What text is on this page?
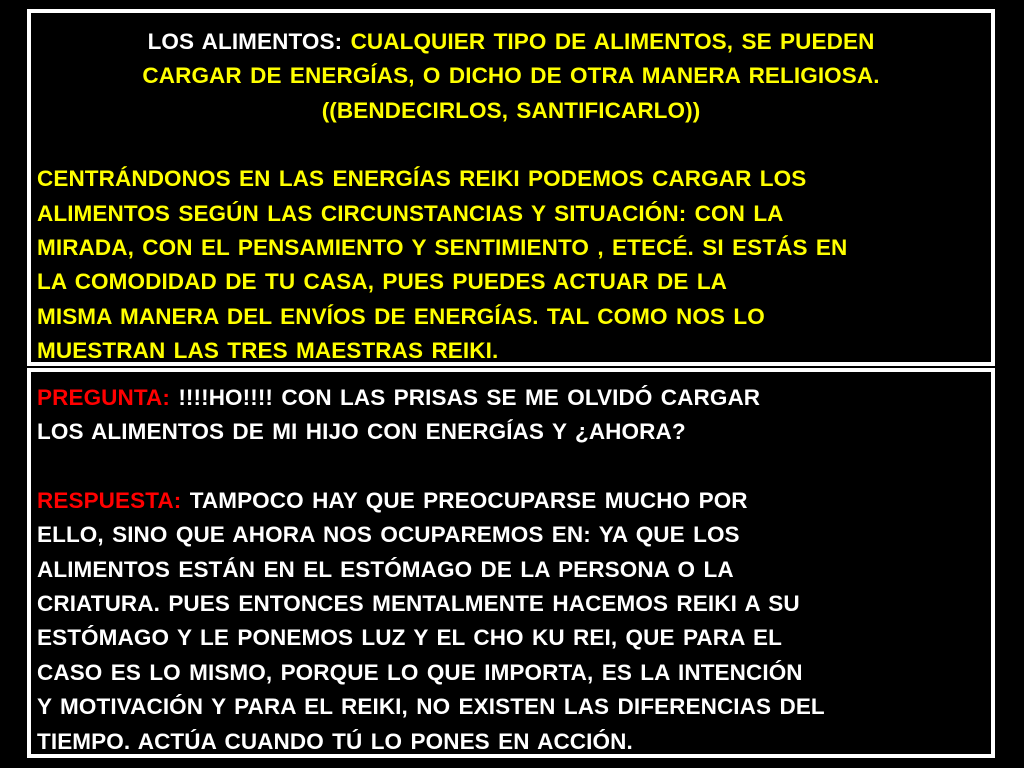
LOS ALIMENTOS: CUALQUIER TIPO DE ALIMENTOS, SE PUEDEN
CARGAR DE ENERGÍAS, O DICHO DE OTRA MANERA RELIGIOSA.
((BENDECIRLOS, SANTIFICARLO))

CENTRÁNDONOS EN LAS ENERGÍAS REIKI PODEMOS CARGAR LOS
ALIMENTOS SEGÚN LAS CIRCUNSTANCIAS Y SITUACIÓN: CON LA
MIRADA, CON EL PENSAMIENTO Y SENTIMIENTO , ETECÉ. SI ESTÁS EN
LA COMODIDAD DE TU CASA, PUES PUEDES ACTUAR DE LA
MISMA MANERA DEL ENVÍOS DE ENERGÍAS. TAL COMO NOS LO
MUESTRAN LAS TRES MAESTRAS REIKI.

PREGUNTA: !!!!HO!!!! CON LAS PRISAS SE ME OLVIDÓ CARGAR
LOS ALIMENTOS DE MI HIJO CON ENERGÍAS Y ¿AHORA?

RESPUESTA: TAMPOCO HAY QUE PREOCUPARSE MUCHO POR
ELLO, SINO QUE AHORA NOS OCUPAREMOS EN: YA QUE LOS
ALIMENTOS ESTÁN EN EL ESTÓMAGO DE LA PERSONA O LA
CRIATURA. PUES ENTONCES MENTALMENTE HACEMOS REIKI A SU
ESTÓMAGO Y LE PONEMOS LUZ Y EL CHO KU REI, QUE PARA EL
CASO ES LO MISMO, PORQUE LO QUE IMPORTA, ES LA INTENCIÓN
Y MOTIVACIÓN Y PARA EL REIKI, NO EXISTEN LAS DIFERENCIAS DEL
TIEMPO. ACTÚA CUANDO TÚ LO PONES EN ACCIÓN.
